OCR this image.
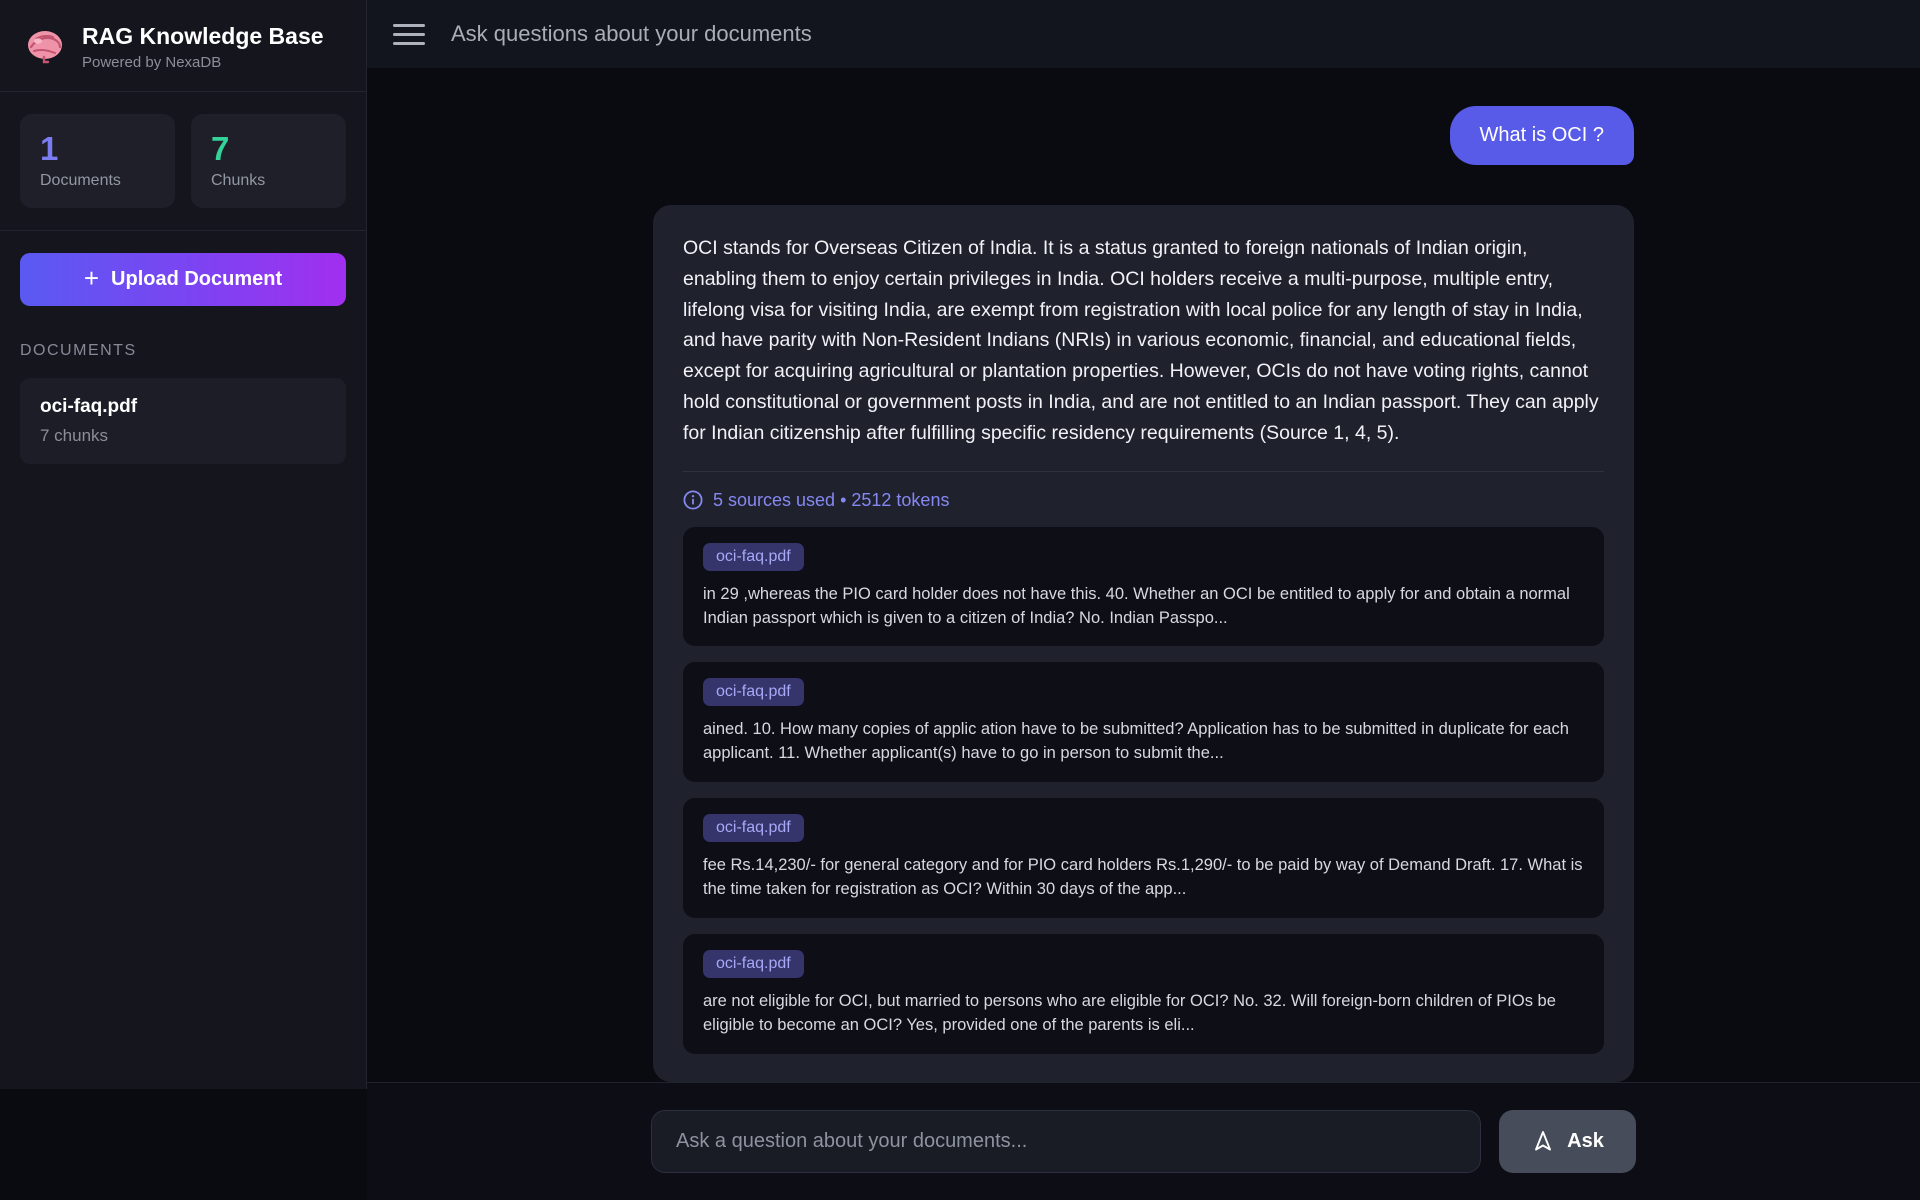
RAG Knowledge Base
Powered by NexaDB
1
Documents
7
Chunks
+ Upload Document
DOCUMENTS
oci-faq.pdf
7 chunks
Ask questions about your documents
What is OCI ?
OCI stands for Overseas Citizen of India. It is a status granted to foreign nationals of Indian origin, enabling them to enjoy certain privileges in India. OCI holders receive a multi-purpose, multiple entry, lifelong visa for visiting India, are exempt from registration with local police for any length of stay in India, and have parity with Non-Resident Indians (NRIs) in various economic, financial, and educational fields, except for acquiring agricultural or plantation properties. However, OCIs do not have voting rights, cannot hold constitutional or government posts in India, and are not entitled to an Indian passport. They can apply for Indian citizenship after fulfilling specific residency requirements (Source 1, 4, 5).
5 sources used • 2512 tokens
oci-faq.pdf
in 29 ,whereas the PIO card holder does not have this. 40. Whether an OCI be entitled to apply for and obtain a normal Indian passport which is given to a citizen of India? No. Indian Passpo...
oci-faq.pdf
ained. 10. How many copies of applic ation have to be submitted? Application has to be submitted in duplicate for each applicant. 11. Whether applicant(s) have to go in person to submit the...
oci-faq.pdf
fee Rs.14,230/- for general category and for PIO card holders Rs.1,290/- to be paid by way of Demand Draft. 17. What is the time taken for registration as OCI? Within 30 days of the app...
oci-faq.pdf
are not eligible for OCI, but married to persons who are eligible for OCI? No. 32. Will foreign-born children of PIOs be eligible to become an OCI? Yes, provided one of the parents is eli...
Ask a question about your documents...
Ask
